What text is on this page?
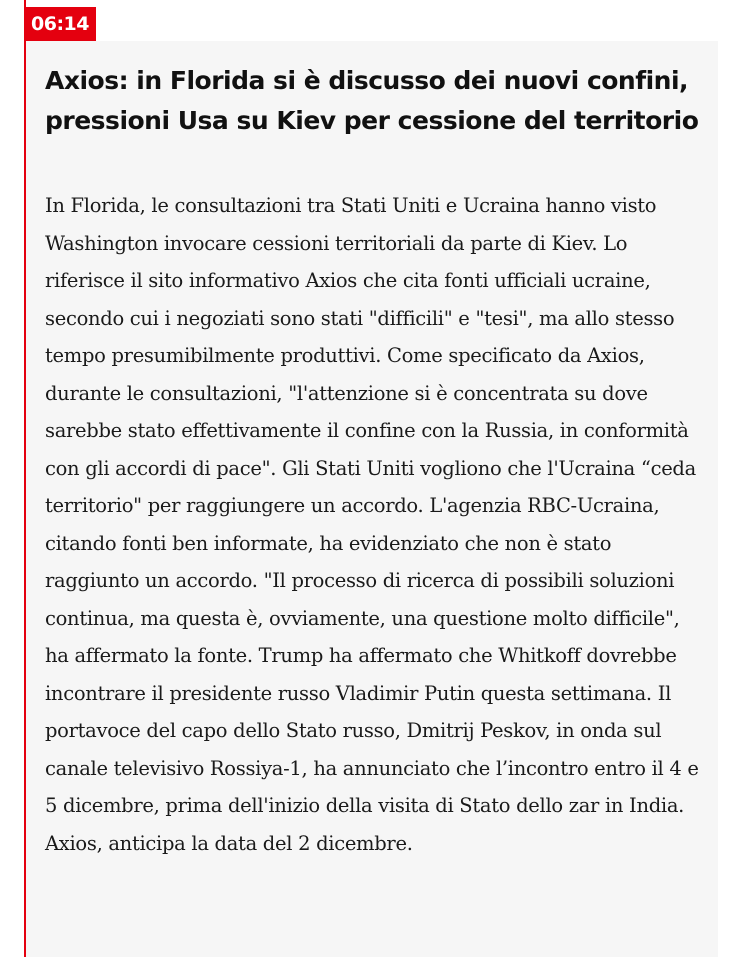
06:14
Axios: in Florida si è discusso dei nuovi confini, pressioni Usa su Kiev per cessione del territorio

In Florida, le consultazioni tra Stati Uniti e Ucraina hanno visto Washington invocare cessioni territoriali da parte di Kiev. Lo riferisce il sito informativo Axios che cita fonti ufficiali ucraine, secondo cui i negoziati sono stati "difficili" e "tesi", ma allo stesso tempo presumibilmente produttivi. Come specificato da Axios, durante le consultazioni, "l'attenzione si è concentrata su dove sarebbe stato effettivamente il confine con la Russia, in conformità con gli accordi di pace". Gli Stati Uniti vogliono che l'Ucraina “ceda territorio" per raggiungere un accordo. L'agenzia RBC-Ucraina, citando fonti ben informate, ha evidenziato che non è stato raggiunto un accordo. "Il processo di ricerca di possibili soluzioni continua, ma questa è, ovviamente, una questione molto difficile", ha affermato la fonte. Trump ha affermato che Whitkoff dovrebbe incontrare il presidente russo Vladimir Putin questa settimana. Il portavoce del capo dello Stato russo, Dmitrij Peskov, in onda sul canale televisivo Rossiya-1, ha annunciato che l’incontro entro il 4 e 5 dicembre, prima dell'inizio della visita di Stato dello zar in India. Axios, anticipa la data del 2 dicembre.
